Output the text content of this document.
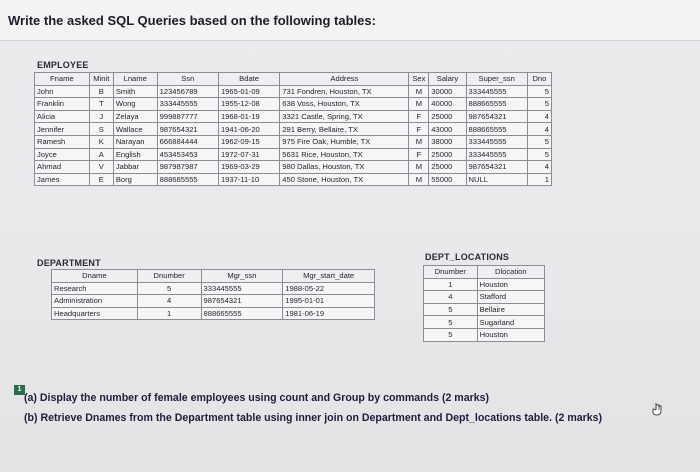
Write the asked SQL Queries based on the following tables:
EMPLOYEE
Fname	Minit	Lname	Ssn	Bdate	Address	Sex	Salary	Super_ssn	Dno
John	B	Smith	123456789	1965-01-09	731 Fondren, Houston, TX	M	30000	333445555	5
Franklin	T	Wong	333445555	1955-12-08	638 Voss, Houston, TX	M	40000	888665555	5
Alicia	J	Zelaya	999887777	1968-01-19	3321 Castle, Spring, TX	F	25000	987654321	4
Jennifer	S	Wallace	987654321	1941-06-20	291 Berry, Bellaire, TX	F	43000	888665555	4
Ramesh	K	Narayan	666884444	1962-09-15	975 Fire Oak, Humble, TX	M	38000	333445555	5
Joyce	A	English	453453453	1972-07-31	5631 Rice, Houston, TX	F	25000	333445555	5
Ahmad	V	Jabbar	987987987	1969-03-29	980 Dallas, Houston, TX	M	25000	987654321	4
James	E	Borg	888665555	1937-11-10	450 Stone, Houston, TX	M	55000	NULL	1
DEPARTMENT
Dname	Dnumber	Mgr_ssn	Mgr_start_date
Research	5	333445555	1988-05-22
Administration	4	987654321	1995-01-01
Headquarters	1	888665555	1981-06-19
DEPT_LOCATIONS
Dnumber	Dlocation
1	Houston
4	Stafford
5	Bellaire
5	Sugarland
5	Houston
1
(a) Display the number of female employees using count and Group by commands (2 marks)
(b) Retrieve Dnames from the Department table using inner join on Department and Dept_locations table. (2 marks)
